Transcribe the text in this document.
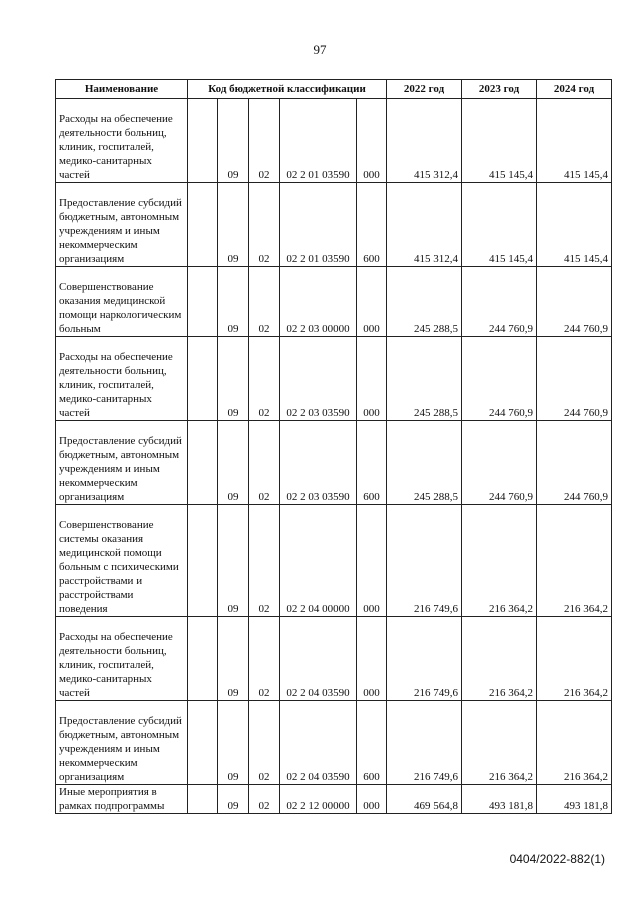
97
Наименование	Код бюджетной классификации					2022 год	2023 год	2024 год
Расходы на обеспечение деятельности больниц, клиник, госпиталей, медико-санитарных частей		09	02	02 2 01 03590	000	415 312,4	415 145,4	415 145,4
Предоставление субсидий бюджетным, автономным учреждениям и иным некоммерческим организациям		09	02	02 2 01 03590	600	415 312,4	415 145,4	415 145,4
Совершенствование оказания медицинской помощи наркологическим больным		09	02	02 2 03 00000	000	245 288,5	244 760,9	244 760,9
Расходы на обеспечение деятельности больниц, клиник, госпиталей, медико-санитарных частей		09	02	02 2 03 03590	000	245 288,5	244 760,9	244 760,9
Предоставление субсидий бюджетным, автономным учреждениям и иным некоммерческим организациям		09	02	02 2 03 03590	600	245 288,5	244 760,9	244 760,9
Совершенствование системы оказания медицинской помощи больным с психическими расстройствами и расстройствами поведения		09	02	02 2 04 00000	000	216 749,6	216 364,2	216 364,2
Расходы на обеспечение деятельности больниц, клиник, госпиталей, медико-санитарных частей		09	02	02 2 04 03590	000	216 749,6	216 364,2	216 364,2
Предоставление субсидий бюджетным, автономным учреждениям и иным некоммерческим организациям		09	02	02 2 04 03590	600	216 749,6	216 364,2	216 364,2
Иные мероприятия в рамках подпрограммы		09	02	02 2 12 00000	000	469 564,8	493 181,8	493 181,8
0404/2022-882(1)
